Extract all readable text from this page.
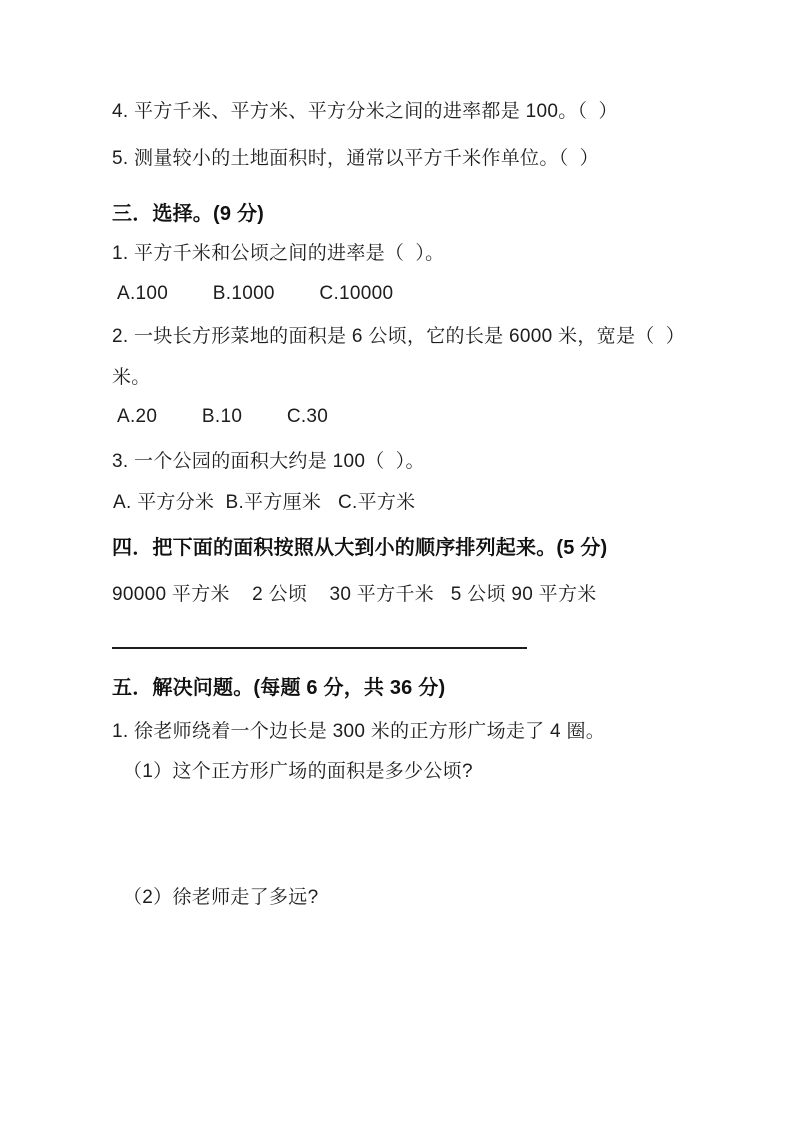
4. 平方千米、平方米、平方分米之间的进率都是 100。（  ）
5. 测量较小的土地面积时，通常以平方千米作单位。（  ）
三．选择。(9 分)
1. 平方千米和公顷之间的进率是（  ）。
A.100        B.1000        C.10000
2. 一块长方形菜地的面积是 6 公顷，它的长是 6000 米，宽是（  ）
米。
A.20        B.10        C.30
3. 一个公园的面积大约是 100（  ）。
A. 平方分米  B.平方厘米   C.平方米
四．把下面的面积按照从大到小的顺序排列起来。(5 分)
90000 平方米    2 公顷    30 平方千米   5 公顷 90 平方米
五．解决问题。(每题 6 分，共 36 分)
1. 徐老师绕着一个边长是 300 米的正方形广场走了 4 圈。
（1）这个正方形广场的面积是多少公顷?
（2）徐老师走了多远?
